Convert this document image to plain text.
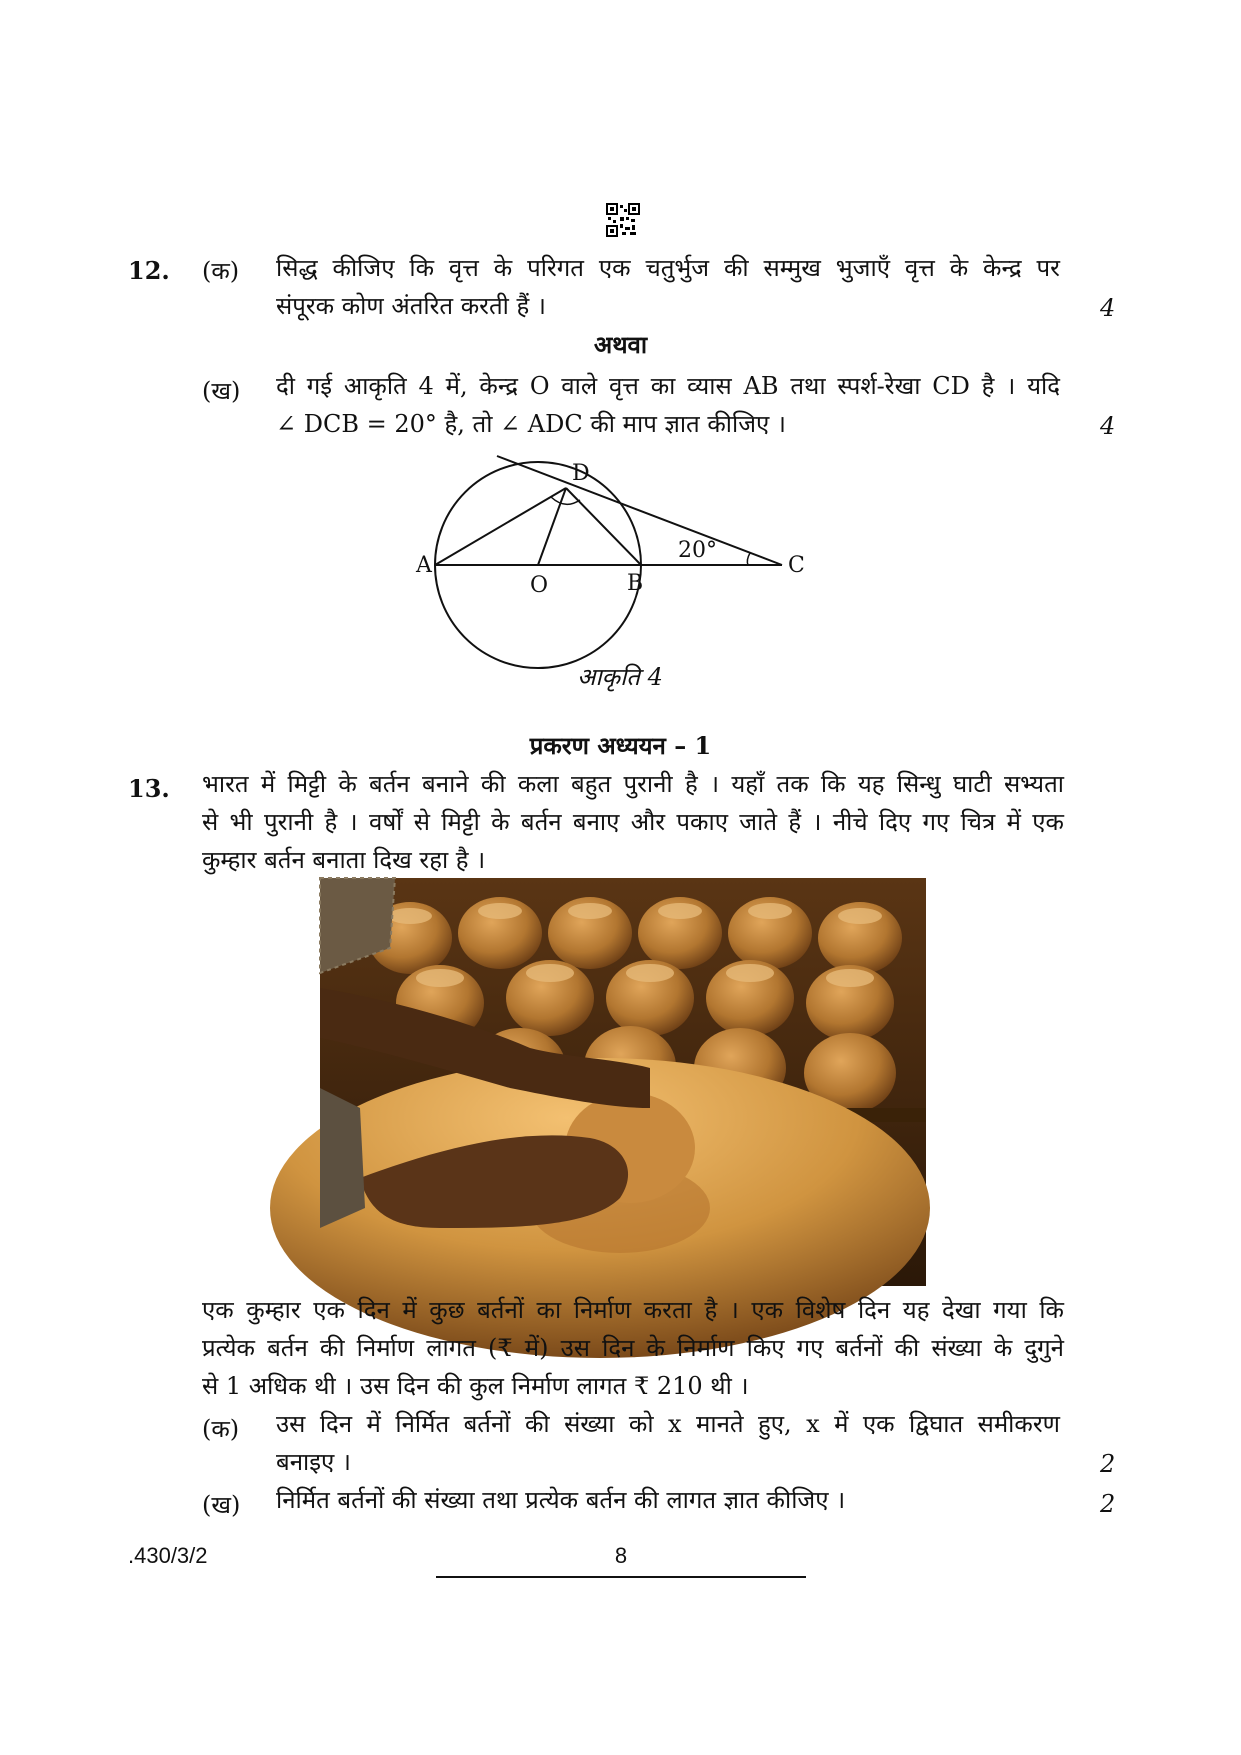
12. (क) सिद्ध कीजिए कि वृत्त के परिगत एक चतुर्भुज की सम्मुख भुजाएँ वृत्त के केन्द्र पर
संपूरक कोण अंतरित करती हैं ।	4
अथवा
(ख) दी गई आकृति 4 में, केन्द्र O वाले वृत्त का व्यास AB तथा स्पर्श-रेखा CD है । यदि
∠ DCB = 20° है, तो ∠ ADC की माप ज्ञात कीजिए ।	4
D
A
O	B
C
20°
आकृति 4
प्रकरण अध्ययन – 1
13. भारत में मिट्टी के बर्तन बनाने की कला बहुत पुरानी है । यहाँ तक कि यह सिन्धु घाटी सभ्यता
से भी पुरानी है । वर्षों से मिट्टी के बर्तन बनाए और पकाए जाते हैं । नीचे दिए गए चित्र में एक
कुम्हार बर्तन बनाता दिख रहा है ।
एक कुम्हार एक दिन में कुछ बर्तनों का निर्माण करता है । एक विशेष दिन यह देखा गया कि
प्रत्येक बर्तन की निर्माण लागत (₹ में) उस दिन के निर्माण किए गए बर्तनों की संख्या के दुगुने
से 1 अधिक थी । उस दिन की कुल निर्माण लागत ₹ 210 थी ।
(क) उस दिन में निर्मित बर्तनों की संख्या को x मानते हुए, x में एक द्विघात समीकरण
बनाइए ।	2
(ख) निर्मित बर्तनों की संख्या तथा प्रत्येक बर्तन की लागत ज्ञात कीजिए ।	2
.430/3/2	8
